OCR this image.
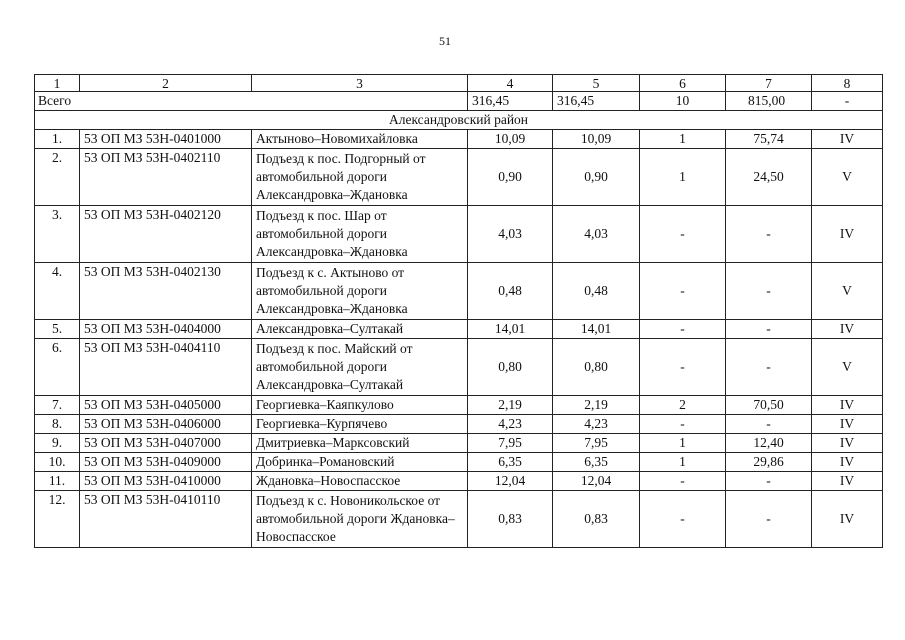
51
1	2	3	4	5	6	7	8
Всего			316,45	316,45	10	815,00	-
Александровский район							
1.	53 ОП МЗ 53Н-0401000	Актыново–Новомихайловка	10,09	10,09	1	75,74	IV
2.	53 ОП МЗ 53Н-0402110	Подъезд к пос. Подгорный от автомобильной дороги Александровка–Ждановка	0,90	0,90	1	24,50	V
3.	53 ОП МЗ 53Н-0402120	Подъезд к пос. Шар от автомобильной дороги Александровка–Ждановка	4,03	4,03	-	-	IV
4.	53 ОП МЗ 53Н-0402130	Подъезд к с. Актыново от автомобильной дороги Александровка–Ждановка	0,48	0,48	-	-	V
5.	53 ОП МЗ 53Н-0404000	Александровка–Султакай	14,01	14,01	-	-	IV
6.	53 ОП МЗ 53Н-0404110	Подъезд к пос. Майский от автомобильной дороги Александровка–Султакай	0,80	0,80	-	-	V
7.	53 ОП МЗ 53Н-0405000	Георгиевка–Каяпкулово	2,19	2,19	2	70,50	IV
8.	53 ОП МЗ 53Н-0406000	Георгиевка–Курпячево	4,23	4,23	-	-	IV
9.	53 ОП МЗ 53Н-0407000	Дмитриевка–Марксовский	7,95	7,95	1	12,40	IV
10.	53 ОП МЗ 53Н-0409000	Добринка–Романовский	6,35	6,35	1	29,86	IV
11.	53 ОП МЗ 53Н-0410000	Ждановка–Новоспасское	12,04	12,04	-	-	IV
12.	53 ОП МЗ 53Н-0410110	Подъезд к с. Новоникольское от автомобильной дороги Ждановка–Новоспасское	0,83	0,83	-	-	IV
